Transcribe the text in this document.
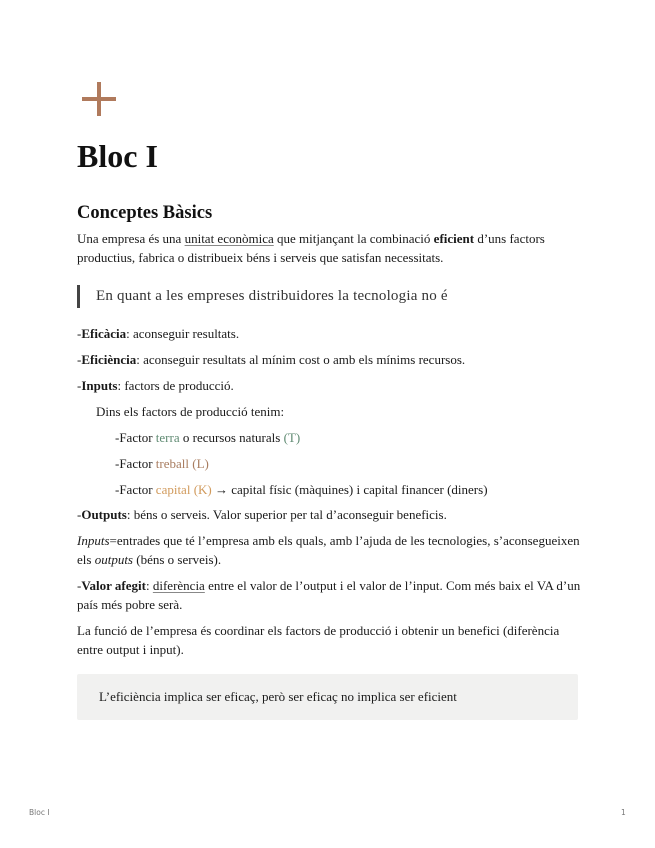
Bloc I
Conceptes Bàsics

Una empresa és una unitat econòmica que mitjançant la combinació eficient d’uns factors productius, fabrica o distribueix béns i serveis que satisfan necessitats.

En quant a les empreses distribuidores la tecnologia no é

-Eficàcia: aconseguir resultats.

-Eficiència: aconseguir resultats al mínim cost o amb els mínims recursos.

-Inputs: factors de producció.

Dins els factors de producció tenim:

-Factor terra o recursos naturals (T)

-Factor treball (L)

-Factor capital (K) → capital físic (màquines) i capital financer (diners)

-Outputs: béns o serveis. Valor superior per tal d’aconseguir beneficis.

Inputs=entrades que té l’empresa amb els quals, amb l’ajuda de les tecnologies, s’aconsegueixen els outputs (béns o serveis).

-Valor afegit: diferència entre el valor de l’output i el valor de l’input. Com més baix el VA d’un país més pobre serà.

La funció de l’empresa és coordinar els factors de producció i obtenir un benefici (diferència entre output i input).

L’eficiència implica ser eficaç, però ser eficaç no implica ser eficient
Bloc I	1
